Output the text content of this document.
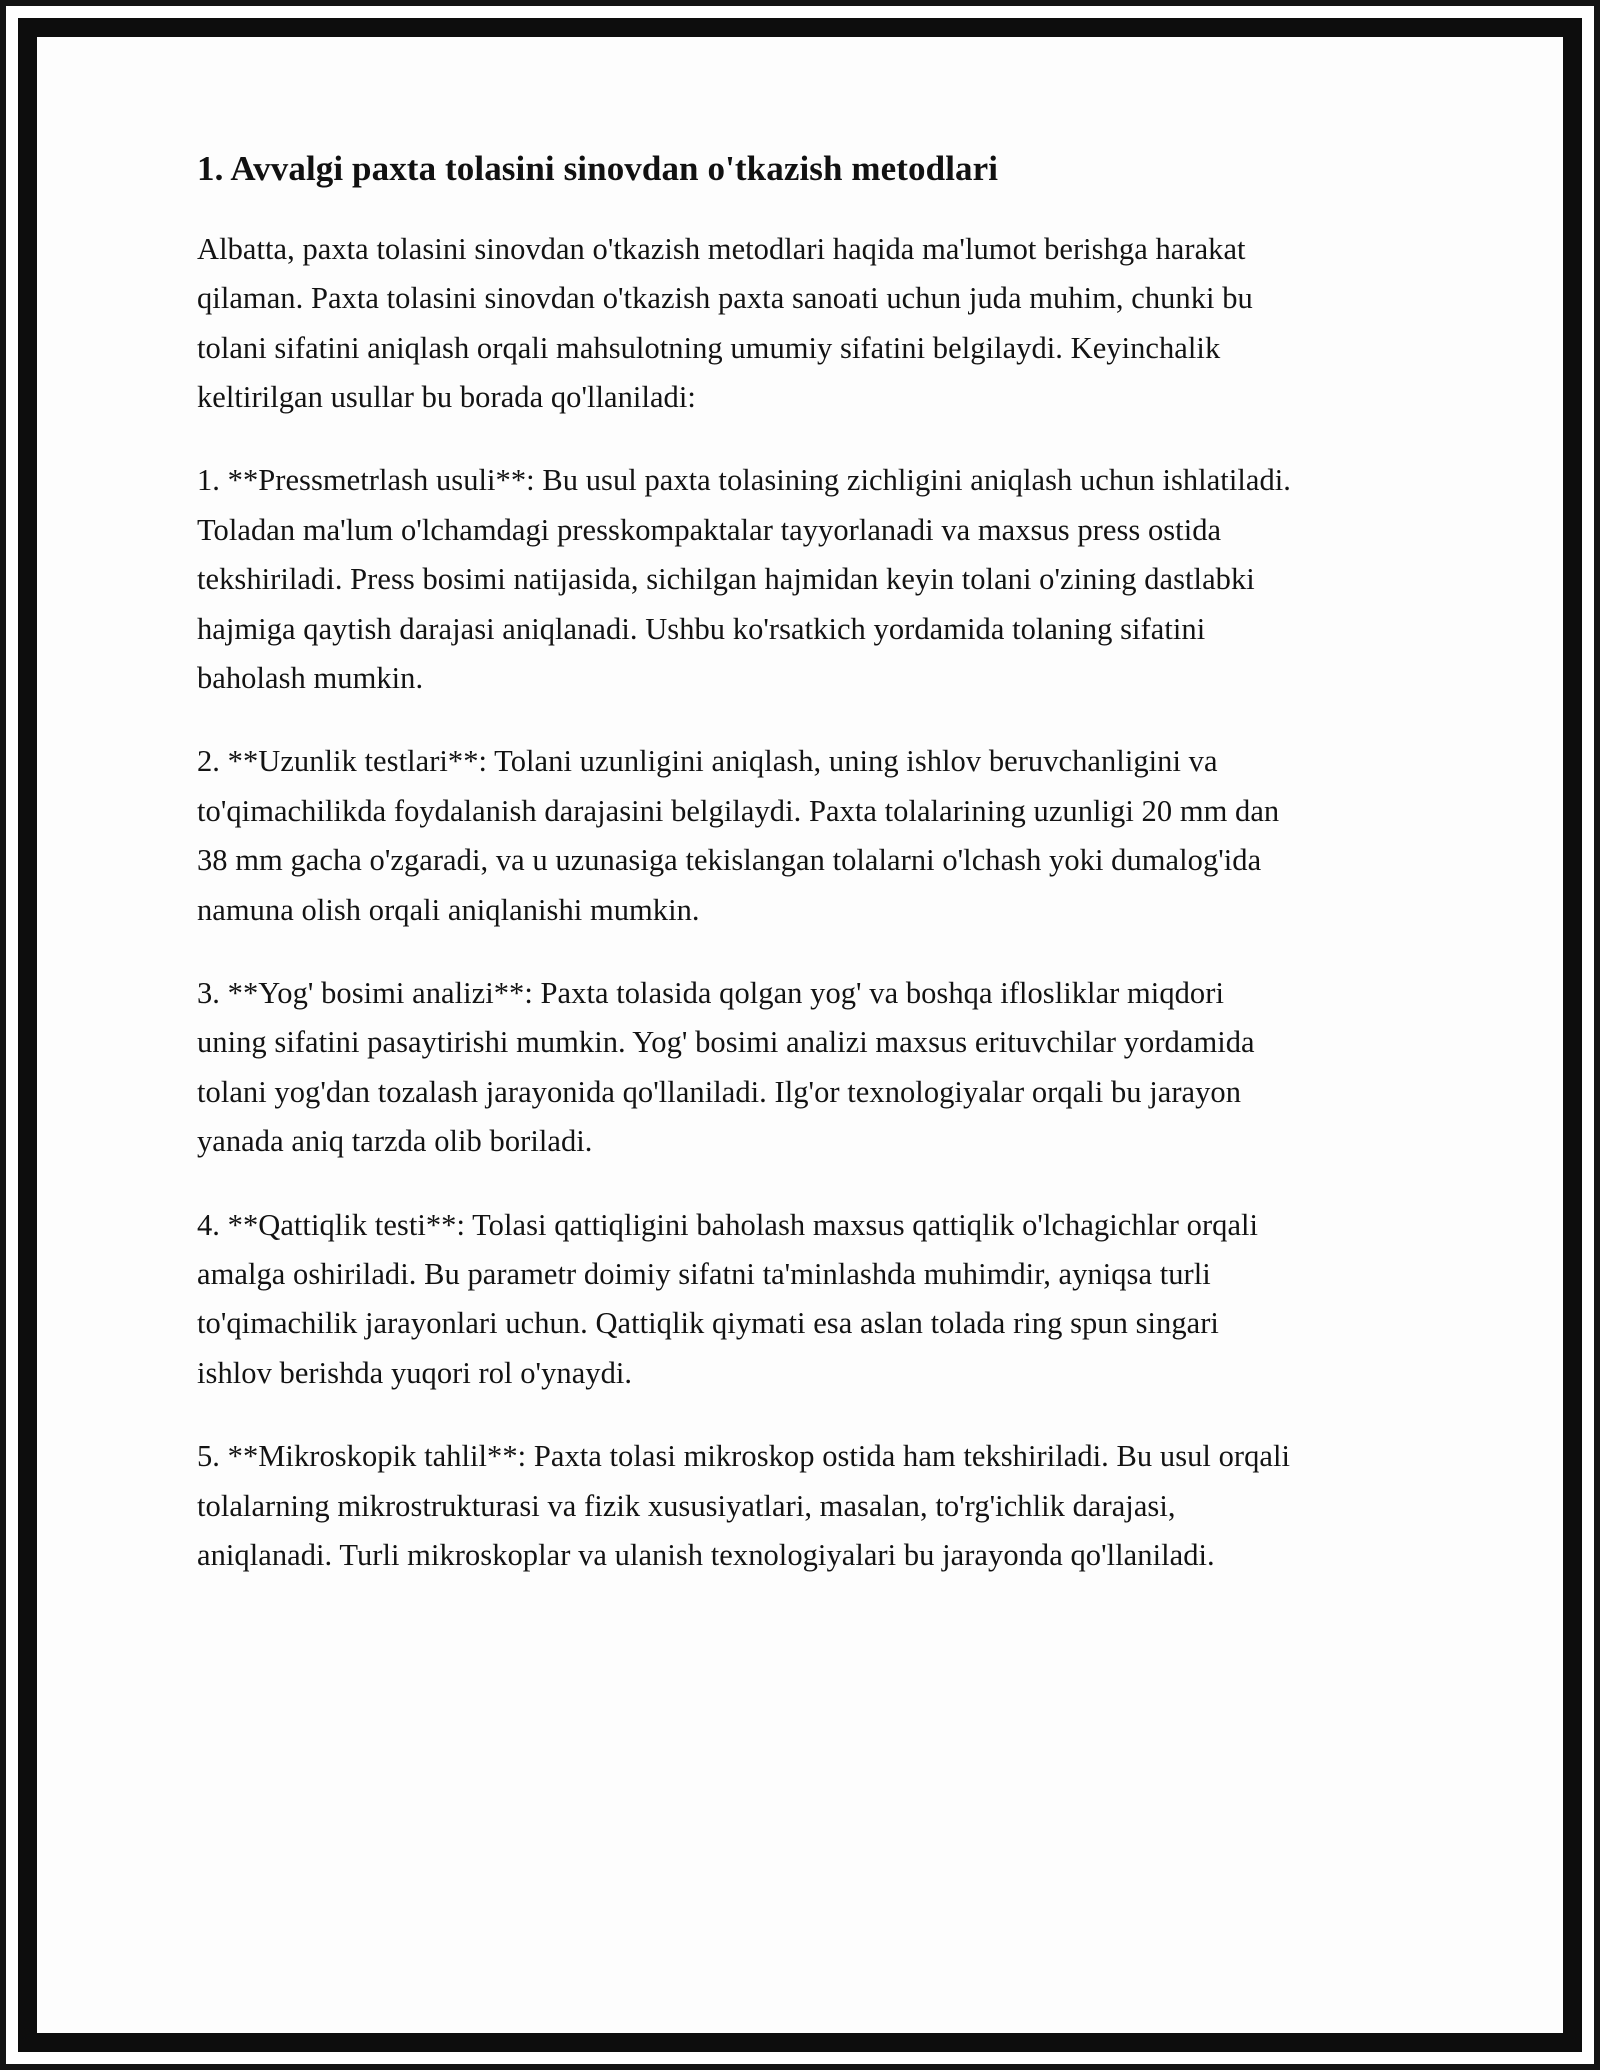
1. Avvalgi paxta tolasini sinovdan o'tkazish metodlari

Albatta, paxta tolasini sinovdan o'tkazish metodlari haqida ma'lumot berishga harakat qilaman. Paxta tolasini sinovdan o'tkazish paxta sanoati uchun juda muhim, chunki bu tolani sifatini aniqlash orqali mahsulotning umumiy sifatini belgilaydi. Keyinchalik keltirilgan usullar bu borada qo'llaniladi:

1. **Pressmetrlash usuli**: Bu usul paxta tolasining zichligini aniqlash uchun ishlatiladi. Toladan ma'lum o'lchamdagi presskompaktalar tayyorlanadi va maxsus press ostida tekshiriladi. Press bosimi natijasida, sichilgan hajmidan keyin tolani o'zining dastlabki hajmiga qaytish darajasi aniqlanadi. Ushbu ko'rsatkich yordamida tolaning sifatini baholash mumkin.

2. **Uzunlik testlari**: Tolani uzunligini aniqlash, uning ishlov beruvchanligini va to'qimachilikda foydalanish darajasini belgilaydi. Paxta tolalarining uzunligi 20 mm dan 38 mm gacha o'zgaradi, va u uzunasiga tekislangan tolalarni o'lchash yoki dumalog'ida namuna olish orqali aniqlanishi mumkin.

3. **Yog' bosimi analizi**: Paxta tolasida qolgan yog' va boshqa iflosliklar miqdori uning sifatini pasaytirishi mumkin. Yog' bosimi analizi maxsus erituvchilar yordamida tolani yog'dan tozalash jarayonida qo'llaniladi. Ilg'or texnologiyalar orqali bu jarayon yanada aniq tarzda olib boriladi.

4. **Qattiqlik testi**: Tolasi qattiqligini baholash maxsus qattiqlik o'lchagichlar orqali amalga oshiriladi. Bu parametr doimiy sifatni ta'minlashda muhimdir, ayniqsa turli to'qimachilik jarayonlari uchun. Qattiqlik qiymati esa aslan tolada ring spun singari ishlov berishda yuqori rol o'ynaydi.

5. **Mikroskopik tahlil**: Paxta tolasi mikroskop ostida ham tekshiriladi. Bu usul orqali tolalarning mikrostrukturasi va fizik xususiyatlari, masalan, to'rg'ichlik darajasi, aniqlanadi. Turli mikroskoplar va ulanish texnologiyalari bu jarayonda qo'llaniladi.
